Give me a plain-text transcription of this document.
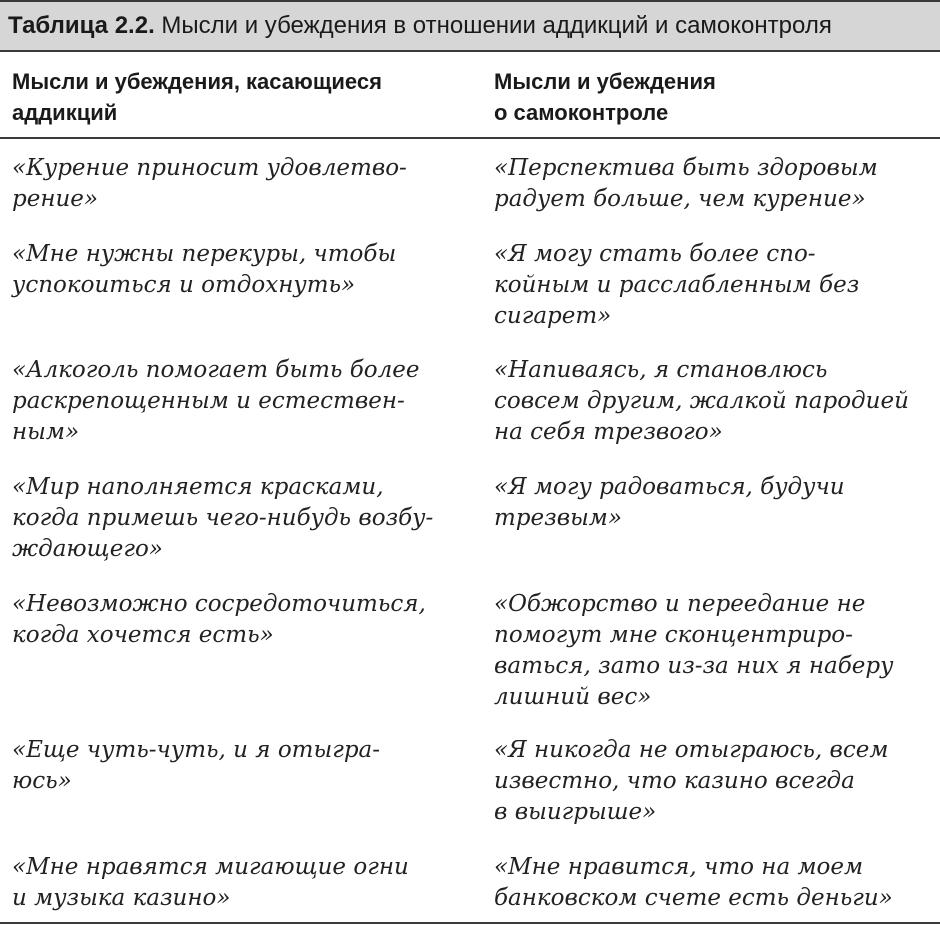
Таблица 2.2. Мысли и убеждения в отношении аддикций и самоконтроля
Мысли и убеждения, касающиеся
аддикций
Мысли и убеждения
о самоконтроле
«Курение приносит удовлетво-
рение»
«Перспектива быть здоровым
радует больше, чем курение»
«Мне нужны перекуры, чтобы
успокоиться и отдохнуть»
«Я могу стать более спо-
койным и расслабленным без
сигарет»
«Алкоголь помогает быть более
раскрепощенным и естествен-
ным»
«Напиваясь, я становлюсь
совсем другим, жалкой пародией
на себя трезвого»
«Мир наполняется красками,
когда примешь чего-нибудь возбу-
ждающего»
«Я могу радоваться, будучи
трезвым»
«Невозможно сосредоточиться,
когда хочется есть»
«Обжорство и переедание не
помогут мне сконцентриро-
ваться, зато из-за них я наберу
лишний вес»
«Еще чуть-чуть, и я отыгра-
юсь»
«Я никогда не отыграюсь, всем
известно, что казино всегда
в выигрыше»
«Мне нравятся мигающие огни
и музыка казино»
«Мне нравится, что на моем
банковском счете есть деньги»
